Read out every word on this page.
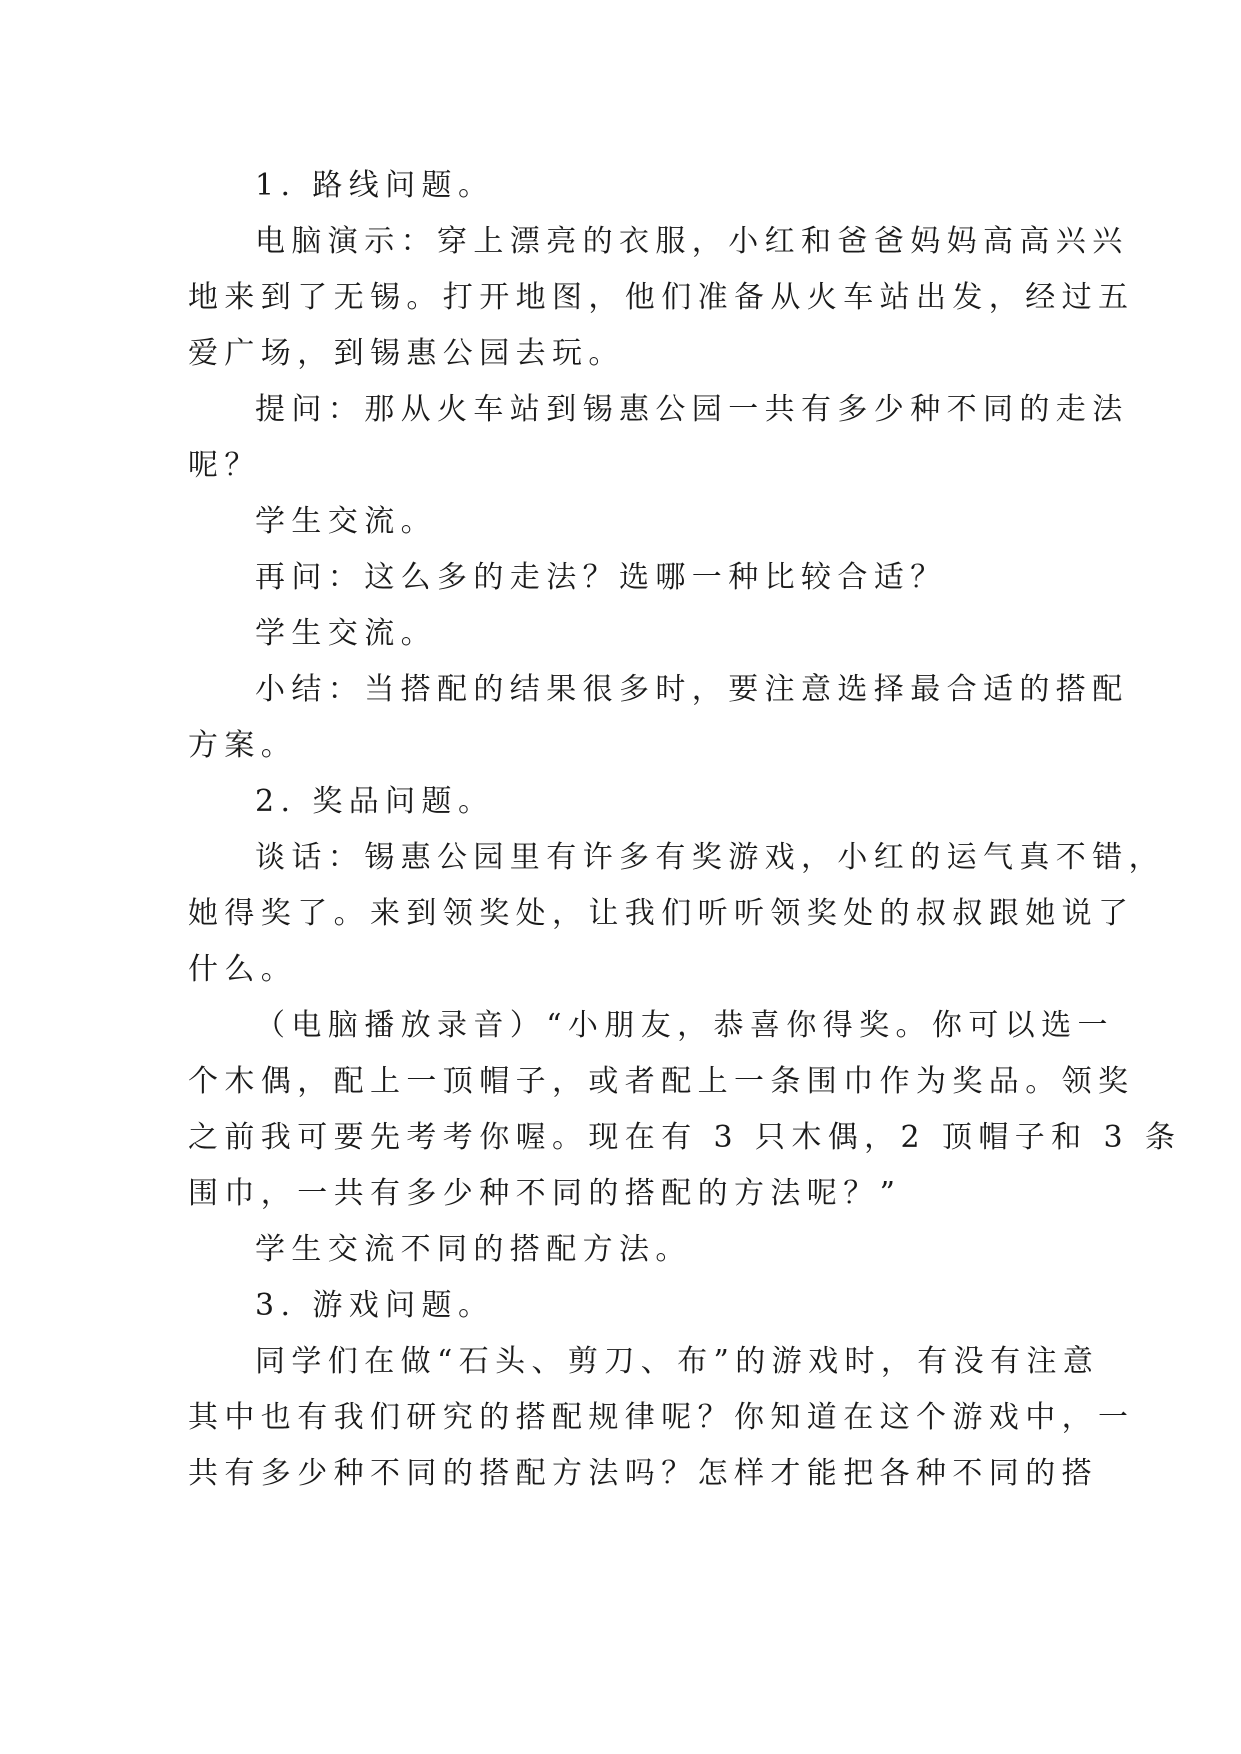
1. 路线问题。
电脑演示：穿上漂亮的衣服，小红和爸爸妈妈高高兴兴
地来到了无锡。打开地图，他们准备从火车站出发，经过五
爱广场，到锡惠公园去玩。
提问：那从火车站到锡惠公园一共有多少种不同的走法
呢？
学生交流。
再问：这么多的走法？选哪一种比较合适？
学生交流。
小结：当搭配的结果很多时，要注意选择最合适的搭配
方案。
2. 奖品问题。
谈话：锡惠公园里有许多有奖游戏，小红的运气真不错，
她得奖了。来到领奖处，让我们听听领奖处的叔叔跟她说了
什么。
（电脑播放录音）“小朋友，恭喜你得奖。你可以选一
个木偶，配上一顶帽子，或者配上一条围巾作为奖品。领奖
之前我可要先考考你喔。现在有 3 只木偶，2 顶帽子和 3 条
围巾，一共有多少种不同的搭配的方法呢？”
学生交流不同的搭配方法。
3. 游戏问题。
同学们在做“石头、剪刀、布”的游戏时，有没有注意
其中也有我们研究的搭配规律呢？你知道在这个游戏中，一
共有多少种不同的搭配方法吗？怎样才能把各种不同的搭
